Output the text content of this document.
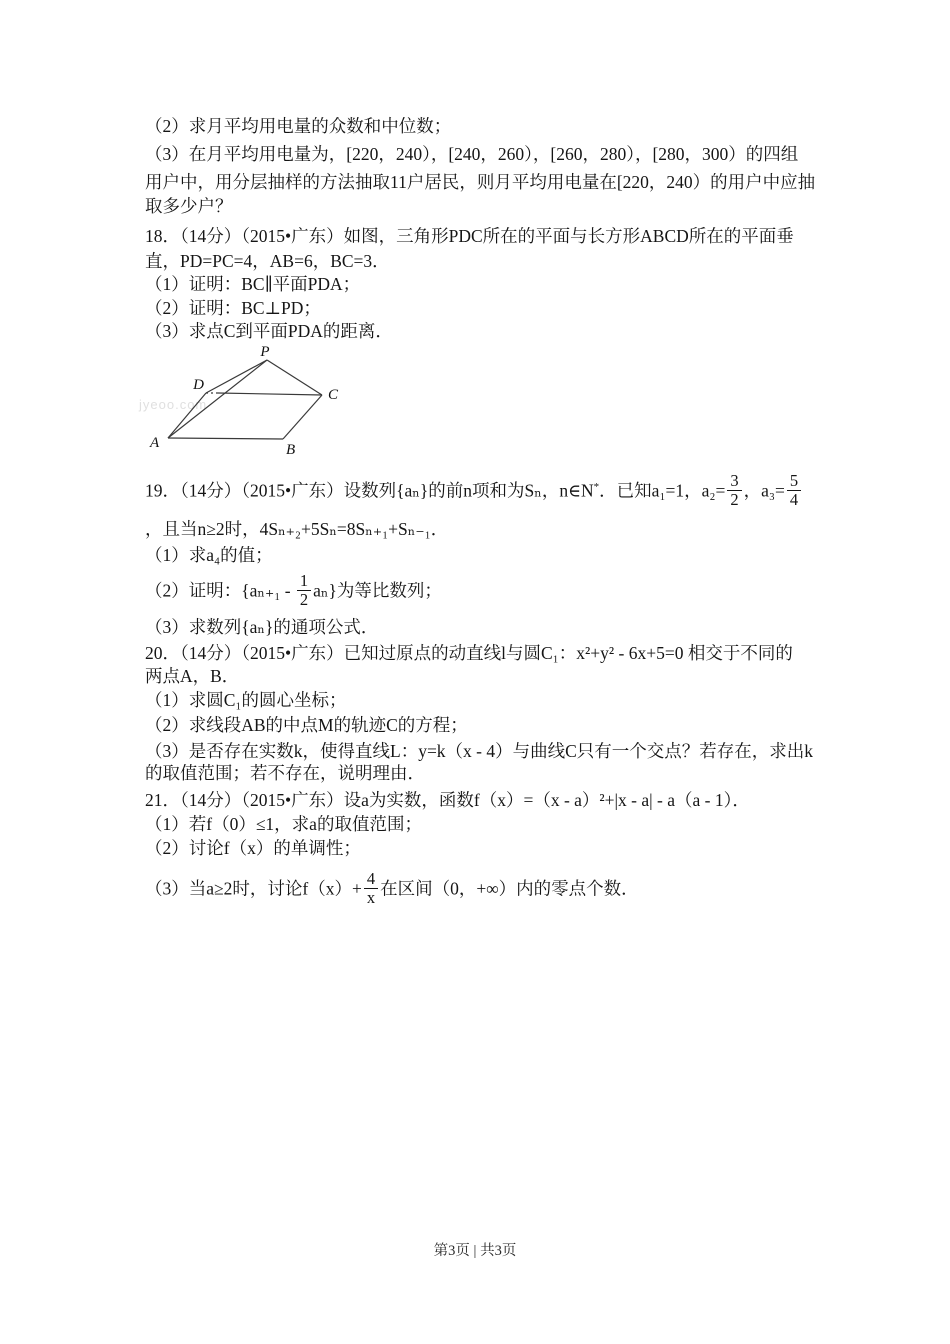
（2）求月平均用电量的众数和中位数；
（3）在月平均用电量为，[220，240），[240，260），[260，280），[280，300）的四组
用户中，用分层抽样的方法抽取11户居民，则月平均用电量在[220，240）的用户中应抽
取多少户？
18．（14分）（2015•广东）如图，三角形PDC所在的平面与长方形ABCD所在的平面垂
直，PD=PC=4，AB=6，BC=3．
（1）证明：BC∥平面PDA；
（2）证明：BC⊥PD；
（3）求点C到平面PDA的距离．
jyeoo.com
P
D
C
A	B
19．（14分）（2015•广东）设数列{aₙ}的前n项和为Sₙ，n∈N*．已知a₁=1，$a_2= \frac{3}{2}$ ，$a_3= \frac{5}{4}$
，且当n≥2时，4Sₙ₊₂+5Sₙ=8Sₙ₊₁+Sₙ₋₁．
（1）求a₄的值；
（2）证明：$\{a_{n+1} - \frac{1}{2} a_n\}$为等比数列；
（3）求数列{aₙ}的通项公式．
20．（14分）（2015•广东）已知过原点的动直线l与圆C₁：x²+y² - 6x+5=0 相交于不同的
两点A，B．
（1）求圆C₁的圆心坐标；
（2）求线段AB的中点M的轨迹C的方程；
（3）是否存在实数k，使得直线L：y=k（x - 4）与曲线C只有一个交点？若存在，求出k
的取值范围；若不存在，说明理由．
21．（14分）（2015•广东）设a为实数，函数f（x）=（x - a）²+|x - a| - a（a - 1）．
（1）若f（0）≤1，求a的取值范围；
（2）讨论f（x）的单调性；
（3）当a≥2时，讨论$f(x)+ \frac{4}{x}$ 在区间（0，+∞）内的零点个数．
第3页 | 共3页
